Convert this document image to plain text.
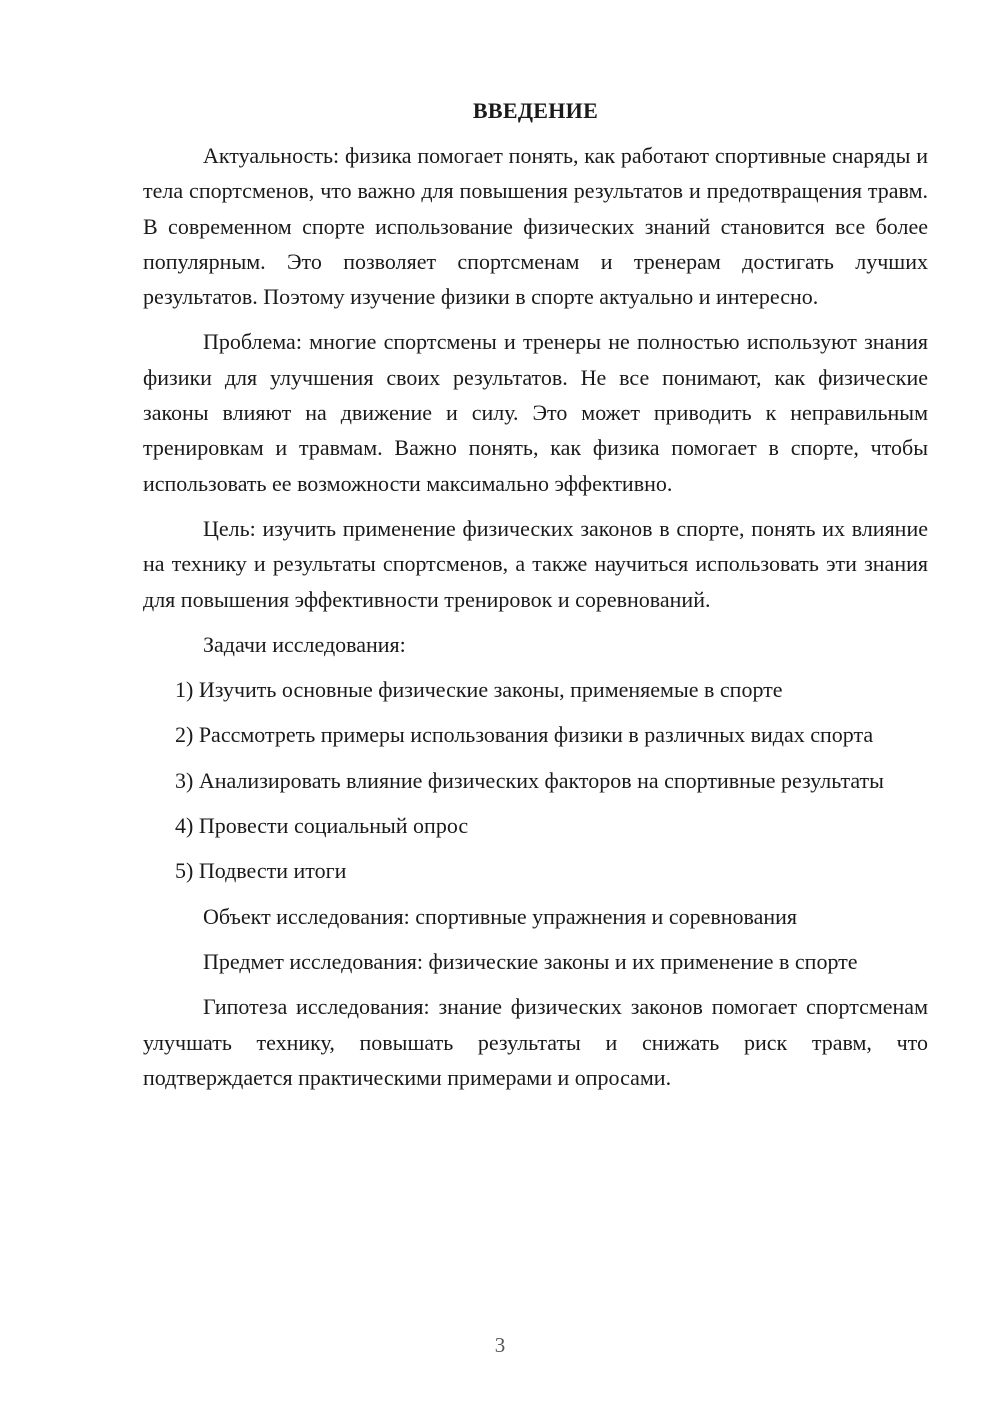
ВВЕДЕНИЕ

Актуальность: физика помогает понять, как работают спортивные снаряды и тела спортсменов, что важно для повышения результатов и предотвращения травм. В современном спорте использование физических знаний становится все более популярным. Это позволяет спортсменам и тренерам достигать лучших результатов. Поэтому изучение физики в спорте актуально и интересно.

Проблема: многие спортсмены и тренеры не полностью используют знания физики для улучшения своих результатов. Не все понимают, как физические законы влияют на движение и силу. Это может приводить к неправильным тренировкам и травмам. Важно понять, как физика помогает в спорте, чтобы использовать ее возможности максимально эффективно.

Цель: изучить применение физических законов в спорте, понять их влияние на технику и результаты спортсменов, а также научиться использовать эти знания для повышения эффективности тренировок и соревнований.

Задачи исследования:

1) Изучить основные физические законы, применяемые в спорте

2) Рассмотреть примеры использования физики в различных видах спорта

3) Анализировать влияние физических факторов на спортивные результаты

4) Провести социальный опрос

5) Подвести итоги

Объект исследования: спортивные упражнения и соревнования

Предмет исследования: физические законы и их применение в спорте

Гипотеза исследования: знание физических законов помогает спортсменам улучшать технику, повышать результаты и снижать риск травм, что подтверждается практическими примерами и опросами.

3
